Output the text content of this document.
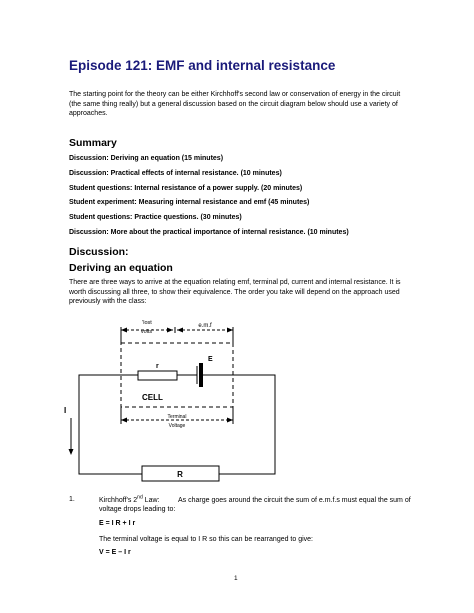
Episode 121: EMF and internal resistance
The starting point for the theory can be either Kirchhoff's second law or conservation of energy in the circuit (the same thing really) but a general discussion based on the circuit diagram below should use a variety of approaches.
Summary
Discussion: Deriving an equation (15 minutes)
Discussion: Practical effects of internal resistance. (10 minutes)
Student questions: Internal resistance of a power supply. (20 minutes)
Student experiment: Measuring internal resistance and emf (45 minutes)
Student questions: Practice questions. (30 minutes)
Discussion: More about the practical importance of internal resistance. (10 minutes)
Discussion:
Deriving an equation
There are three ways to arrive at the equation relating emf, terminal pd, current and internal resistance. It is worth discussing all three, to show their equivalence. The order you take will depend on the approach used previously with the class:
'lost
volts'
e.m.f
E
r
CELL
Terminal
Voltage
I
R
1.	Kirchhoff's 2nd Law:	As charge goes around the circuit the sum of e.m.f.s must equal the sum of voltage drops leading to:
E = I R + I r
The terminal voltage is equal to I R so this can be rearranged to give:
V = E – I r
1
